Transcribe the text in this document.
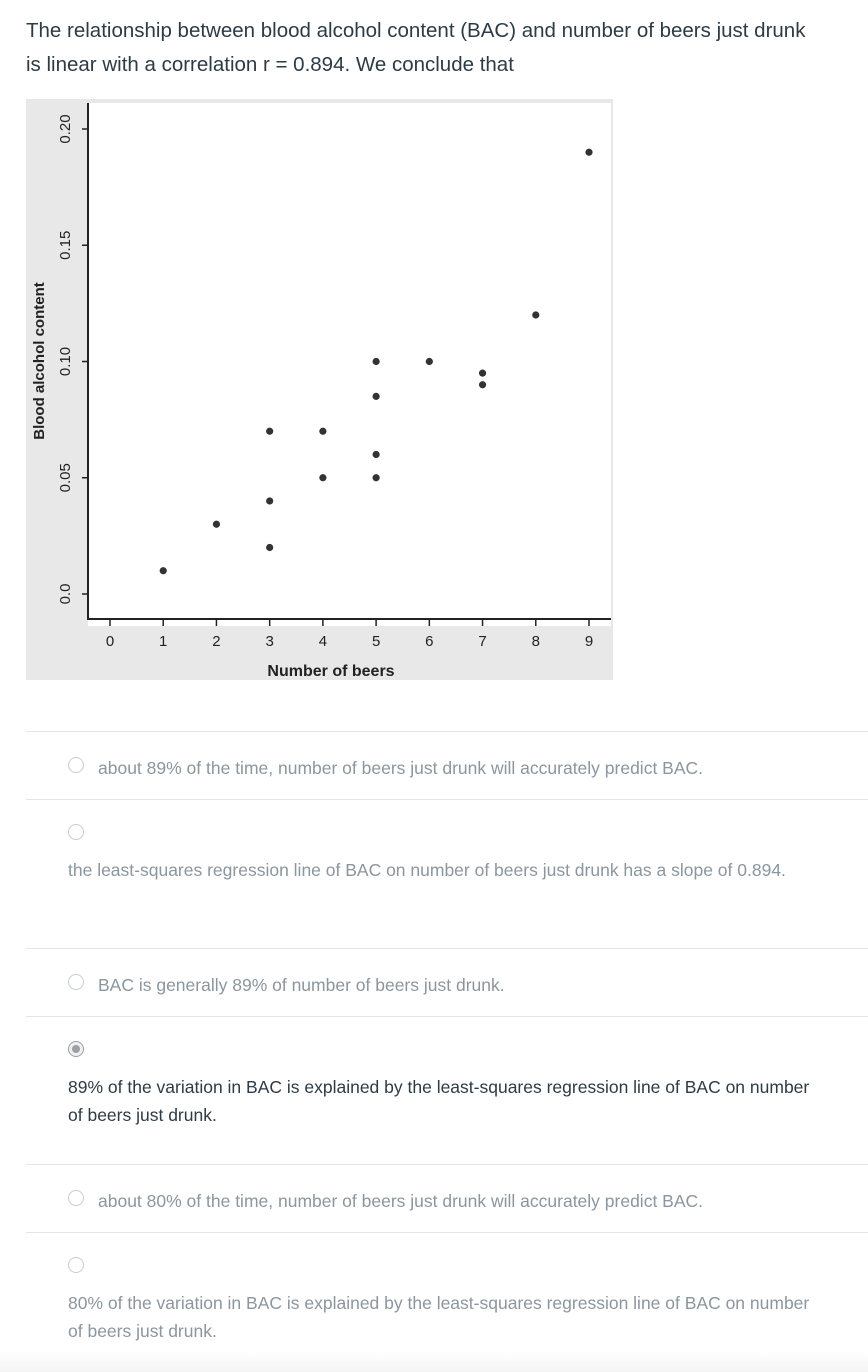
The relationship between blood alcohol content (BAC) and number of beers just drunk
is linear with a correlation r = 0.894. We conclude that
0	1	2	3	4	5	6	7	8	9
0.0
0.05
0.10
0.15
0.20
Number of beers
Blood alcohol content
about 89% of the time, number of beers just drunk will accurately predict BAC.
the least-squares regression line of BAC on number of beers just drunk has a slope of 0.894.
BAC is generally 89% of number of beers just drunk.
89% of the variation in BAC is explained by the least-squares regression line of BAC on number of beers just drunk.
about 80% of the time, number of beers just drunk will accurately predict BAC.
80% of the variation in BAC is explained by the least-squares regression line of BAC on number of beers just drunk.
